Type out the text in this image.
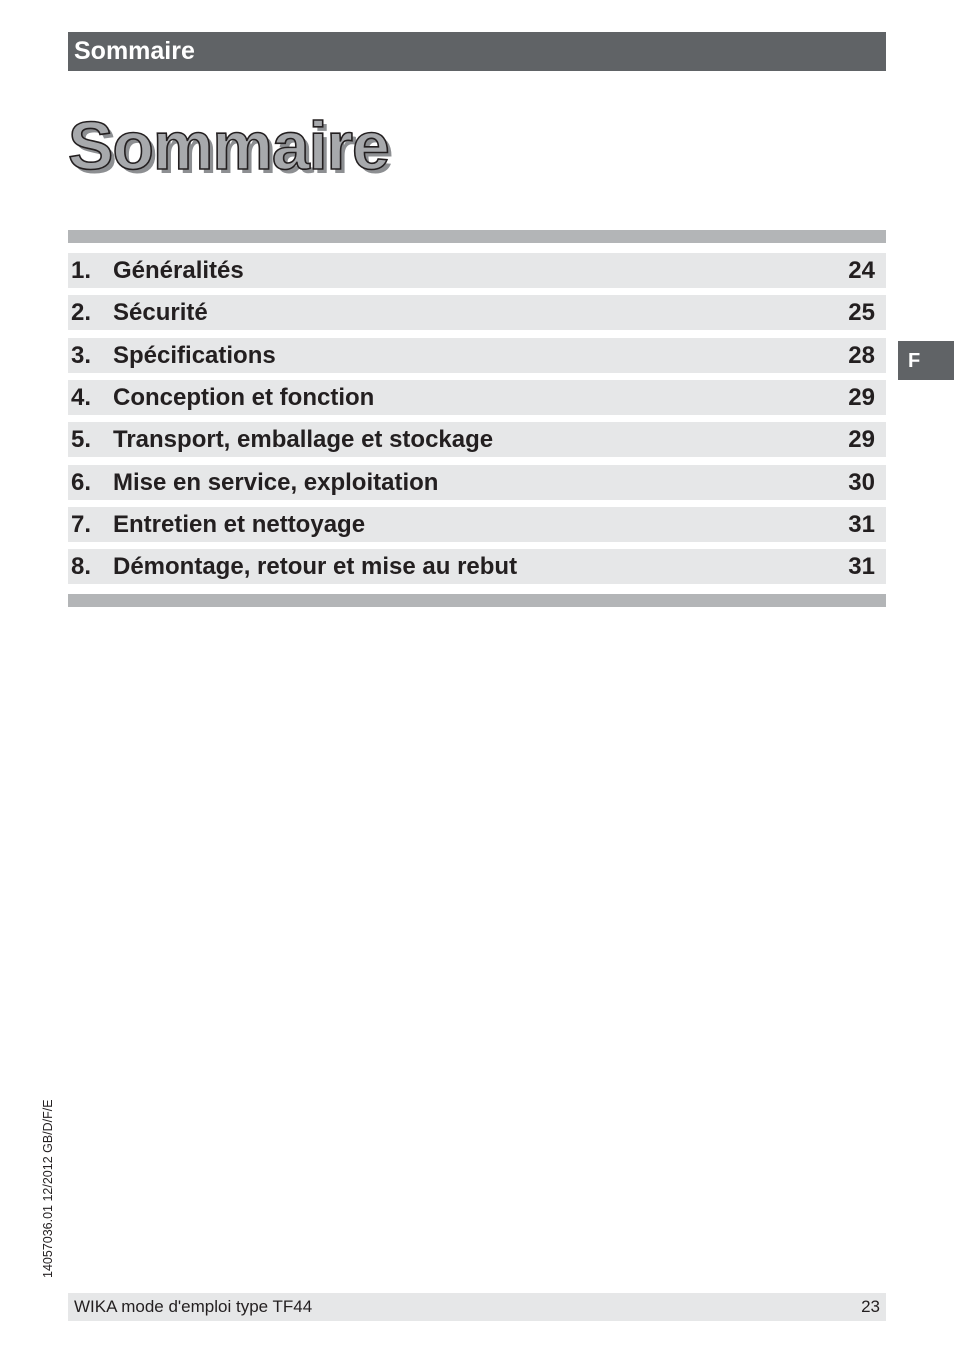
Sommaire
Sommaire
1. Généralités	24
2. Sécurité	25
3. Spécifications	28
4. Conception et fonction	29
5. Transport, emballage et stockage	29
6. Mise en service, exploitation	30
7. Entretien et nettoyage	31
8. Démontage, retour et mise au rebut	31
F
14057036.01 12/2012 GB/D/F/E
WIKA mode d'emploi type TF44	23
